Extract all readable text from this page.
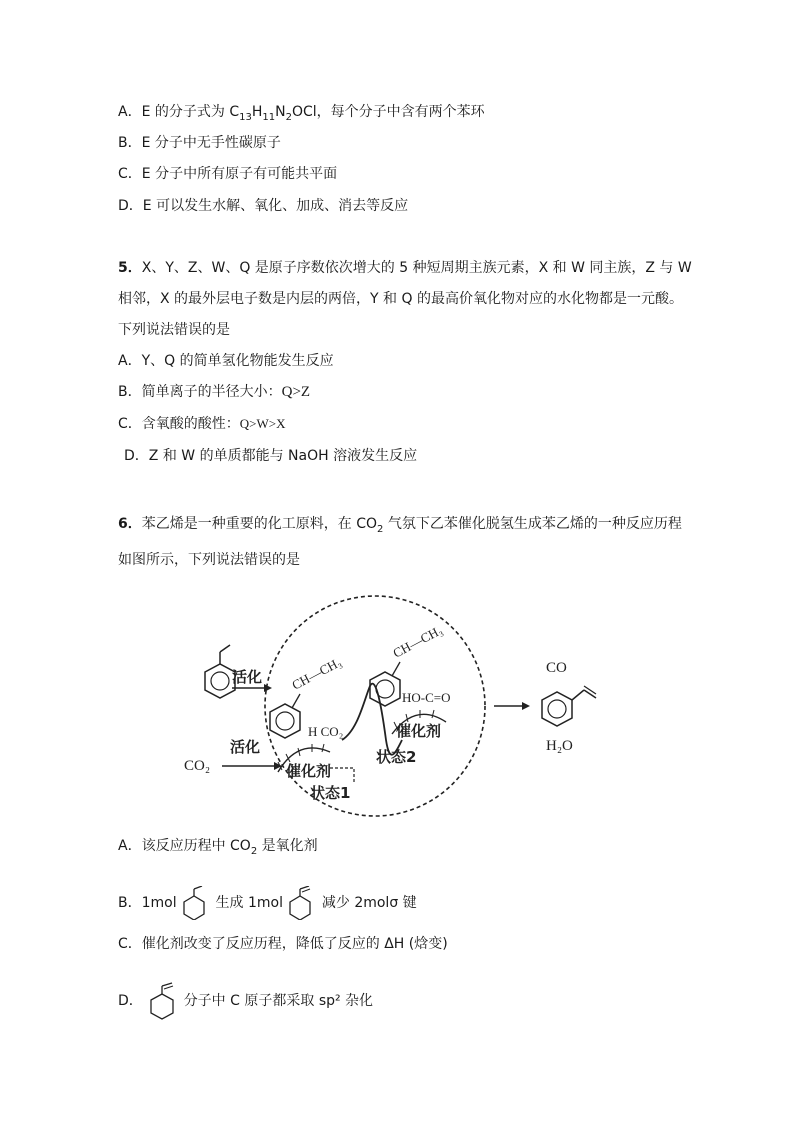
A．E 的分子式为 $C_{13}H_{11}N_2OCl$，每个分子中含有两个苯环
B．E 分子中无手性碳原子
C．E 分子中所有原子有可能共平面
D．E 可以发生水解、氧化、加成、消去等反应
5．X、Y、Z、W、Q 是原子序数依次增大的 5 种短周期主族元素，X 和 W 同主族，Z 与 W
相邻，X 的最外层电子数是内层的两倍，Y 和 Q 的最高价氧化物对应的水化物都是一元酸。
下列说法错误的是
A．Y、Q 的简单氢化物能发生反应
B．简单离子的半径大小：Q>Z
C．含氧酸的酸性：Q>W>X
D．Z 和 W 的单质都能与 NaOH 溶液发生反应
6．苯乙烯是一种重要的化工原料，在 $CO_2$ 气氛下乙苯催化脱氢生成苯乙烯的一种反应历程
如图所示，下列说法错误的是
活化
CO₂
活化
CH—CH₃
H CO₂
催化剂
状态1
CH—CH₃
HO-C=O
催化剂
状态2
CO
H₂O
A．该反应历程中 $CO_2$ 是氧化剂
B．1mol	生成 1mol	减少 2molσ 键
C．催化剂改变了反应历程，降低了反应的 ΔH (焓变)
D．	分子中 C 原子都采取 sp² 杂化
